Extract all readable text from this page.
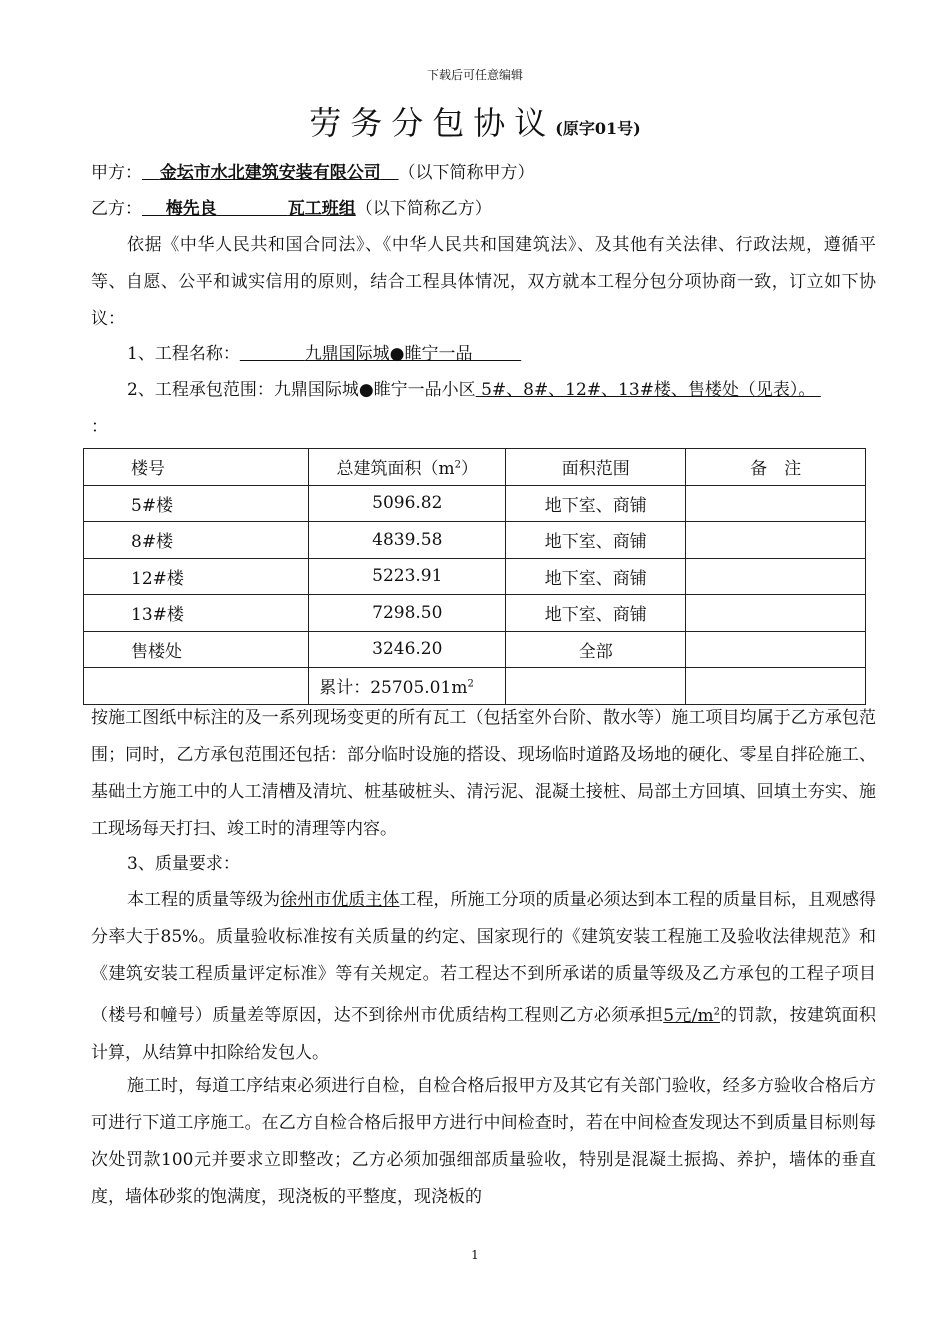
下载后可任意编辑
劳务分包协议(原字01号)
甲方： 金坛市水北建筑安装有限公司 （以下简称甲方）
乙方： 梅先良	瓦工班组（以下简称乙方）
依据《中华人民共和国合同法》、《中华人民共和国建筑法》、及其他有关法律、行政法规，遵循平等、自愿、公平和诚实信用的原则，结合工程具体情况，双方就本工程分包分项协商一致，订立如下协议：
1、工程名称：	九鼎国际城●睢宁一品
2、工程承包范围：九鼎国际城●睢宁一品小区 5#、8#、12#、13#楼、售楼处（见表）。
：
楼号	总建筑面积$(m^2)$	面积范围	备　注
5#楼	5096.82	地下室、商铺	
8#楼	4839.58	地下室、商铺	
12#楼	5223.91	地下室、商铺	
13#楼	7298.50	地下室、商铺	
售楼处	3246.20	全部	
	累计：$25705.01m^2$		
按施工图纸中标注的及一系列现场变更的所有瓦工（包括室外台阶、散水等）施工项目均属于乙方承包范围；同时，乙方承包范围还包括：部分临时设施的搭设、现场临时道路及场地的硬化、零星自拌砼施工、基础土方施工中的人工清槽及清坑、桩基破桩头、清污泥、混凝土接桩、局部土方回填、回填土夯实、施工现场每天打扫、竣工时的清理等内容。
3、质量要求：
本工程的质量等级为徐州市优质主体工程，所施工分项的质量必须达到本工程的质量目标，且观感得分率大于85%。质量验收标准按有关质量的约定、国家现行的《建筑安装工程施工及验收法律规范》和《建筑安装工程质量评定标准》等有关规定。若工程达不到所承诺的质量等级及乙方承包的工程子项目（楼号和幢号）质量差等原因，达不到徐州市优质结构工程则乙方必须承担5元$/m^2$的罚款，按建筑面积计算，从结算中扣除给发包人。
施工时，每道工序结束必须进行自检，自检合格后报甲方及其它有关部门验收，经多方验收合格后方可进行下道工序施工。在乙方自检合格后报甲方进行中间检查时，若在中间检查发现达不到质量目标则每次处罚款100元并要求立即整改；乙方必须加强细部质量验收，特别是混凝土振捣、养护，墙体的垂直度，墙体砂浆的饱满度，现浇板的平整度，现浇板的
1
